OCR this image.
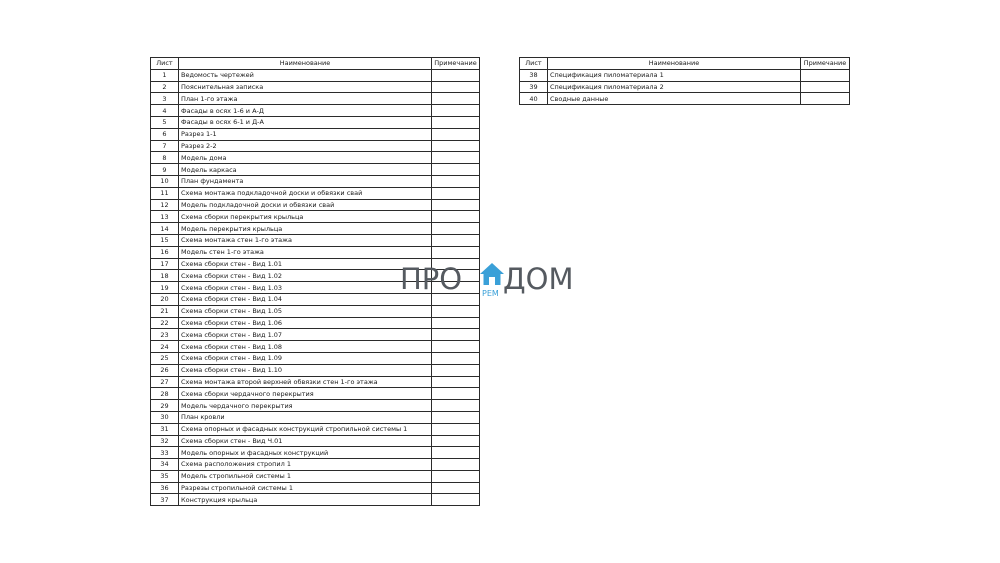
Лист	Наименование	Примечание
1	Ведомость чертежей	
2	Пояснительная записка	
3	План 1-го этажа	
4	Фасады в осях 1-6 и А-Д	
5	Фасады в осях 6-1 и Д-А	
6	Разрез 1-1	
7	Разрез 2-2	
8	Модель дома	
9	Модель каркаса	
10	План фундамента	
11	Схема монтажа подкладочной доски и обвязки свай	
12	Модель подкладочной доски и обвязки свай	
13	Схема сборки перекрытия крыльца	
14	Модель перекрытия крыльца	
15	Схема монтажа стен 1-го этажа	
16	Модель стен 1-го этажа	
17	Схема сборки стен - Вид 1.01	
18	Схема сборки стен - Вид 1.02	
19	Схема сборки стен - Вид 1.03	
20	Схема сборки стен - Вид 1.04	
21	Схема сборки стен - Вид 1.05	
22	Схема сборки стен - Вид 1.06	
23	Схема сборки стен - Вид 1.07	
24	Схема сборки стен - Вид 1.08	
25	Схема сборки стен - Вид 1.09	
26	Схема сборки стен - Вид 1.10	
27	Схема монтажа второй верхней обвязки стен 1-го этажа	
28	Схема сборки чердачного перекрытия	
29	Модель чердачного перекрытия	
30	План кровли	
31	Схема опорных и фасадных конструкций стропильной системы 1	
32	Схема сборки стен - Вид Ч.01	
33	Модель опорных и фасадных конструкций	
34	Схема расположения стропил 1	
35	Модель стропильной системы 1	
36	Разрезы стропильной системы 1	
37	Конструкция крыльца	
Лист	Наименование	Примечание
38	Спецификация пиломатериала 1	
39	Спецификация пиломатериала 2	
40	Сводные данные	
ПРО РЕМ ДОМ
